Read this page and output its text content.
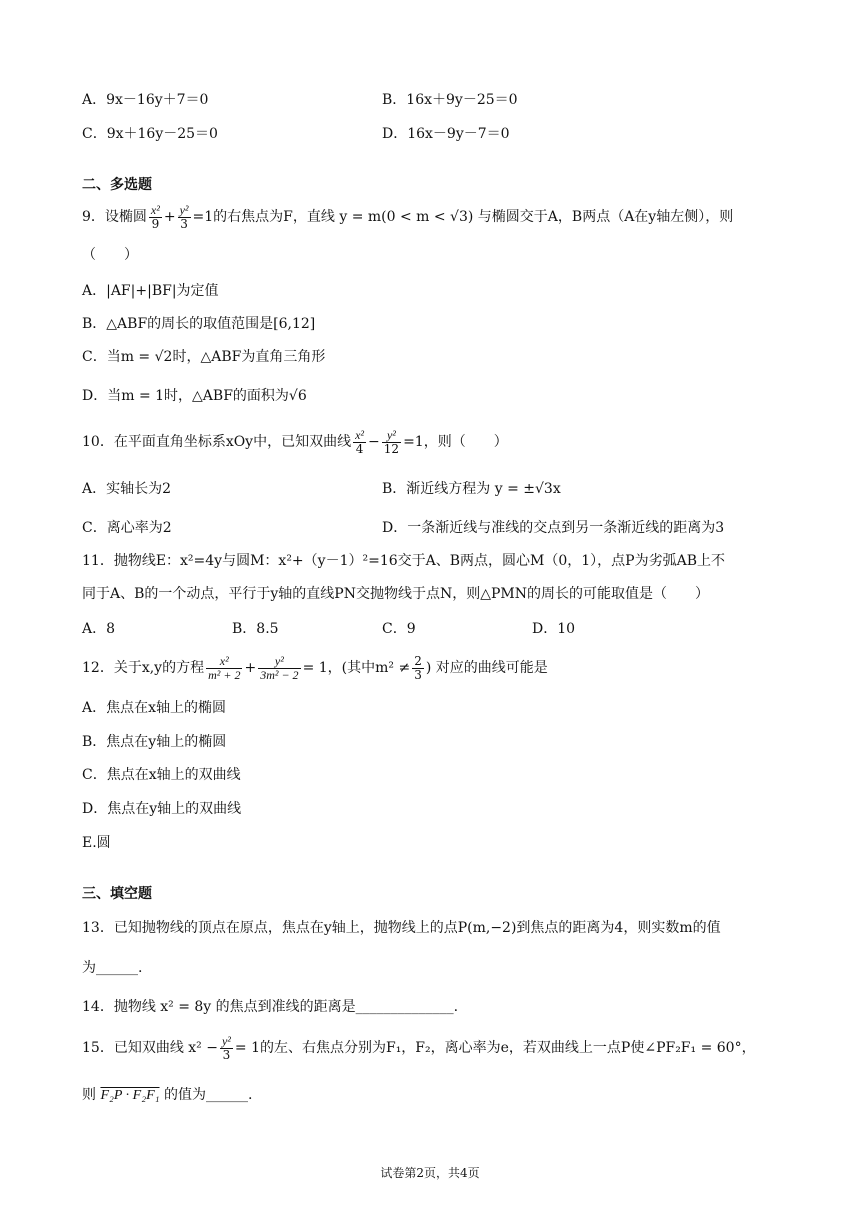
A．9x－16y＋7＝0	B．16x＋9y－25＝0
C．9x＋16y－25＝0	D．16x－9y－7＝0
二、多选题
9．设椭圆 $\frac{\text{x²}}{9} + \frac{\text{y²}}{3} =1$的右焦点为F，直线 y = m(0 < m < √3) 与椭圆交于A，B两点（A在y轴左侧），则
（　　）
A．|AF|+|BF|为定值
B．△ABF的周长的取值范围是[6,12]
C．当m = √2时，△ABF为直角三角形
D．当m = 1时，△ABF的面积为√6
10．在平面直角坐标系xOy中，已知双曲线 $\frac{\text{x²}}{4} - \frac{\text{y²}}{12} =1$，则（　　）
A．实轴长为2	B．渐近线方程为 y = ±√3x
C．离心率为2	D．一条渐近线与准线的交点到另一条渐近线的距离为3
11．抛物线E：x²=4y与圆M：x²+（y－1）²=16交于A、B两点，圆心M（0，1），点P为劣弧AB上不
同于A、B的一个动点，平行于y轴的直线PN交抛物线于点N，则△PMN的周长的可能取值是（　　）
A．8	B．8.5	C．9	D．10
12．关于x,y的方程 $\frac{\text{x²}}{\text{m² + 2}} + \frac{\text{y²}}{\text{3m² − 2}} = 1$，(其中$m^2 \ne \frac{2}{3}$ ) 对应的曲线可能是
A．焦点在x轴上的椭圆
B．焦点在y轴上的椭圆
C．焦点在x轴上的双曲线
D．焦点在y轴上的双曲线
E.圆
三、填空题
13．已知抛物线的顶点在原点，焦点在y轴上，抛物线上的点P(m,−2)到焦点的距离为4，则实数m的值
为______.
14．抛物线 x² = 8y 的焦点到准线的距离是______________.
15．已知双曲线 $x^2 - \frac{\text{y²}}{3} = 1$的左、右焦点分别为F₁，F₂，离心率为e，若双曲线上一点P使∠PF₂F₁ = 60°，
则 F₂P · F₂F₁ 的值为______.
试卷第2页，共4页
